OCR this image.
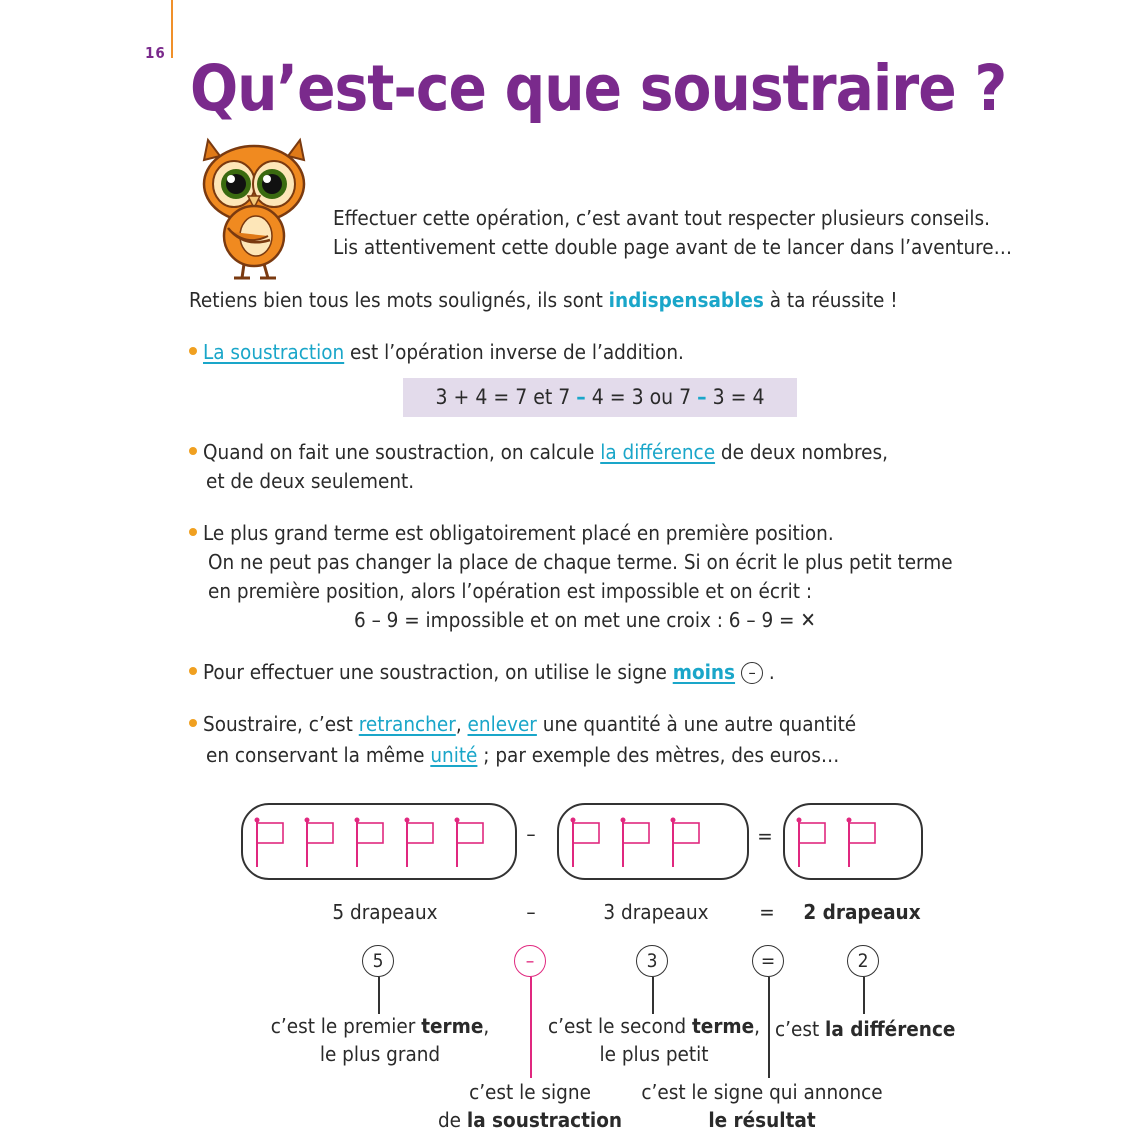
16 Qu’est-ce que soustraire ?
Effectuer cette opération, c’est avant tout respecter plusieurs conseils.
Lis attentivement cette double page avant de te lancer dans l’aventure…
Retiens bien tous les mots soulignés, ils sont indispensables à ta réussite !
La soustraction est l’opération inverse de l’addition.
3 + 4 = 7 et 7 – 4 = 3 ou 7 – 3 = 4
Quand on fait une soustraction, on calcule la différence de deux nombres,
et de deux seulement.
Le plus grand terme est obligatoirement placé en première position.
On ne peut pas changer la place de chaque terme. Si on écrit le plus petit terme
en première position, alors l’opération est impossible et on écrit :
6 – 9 = impossible et on met une croix : 6 – 9 = ✕
Pour effectuer une soustraction, on utilise le signe moins – .
Soustraire, c’est retrancher, enlever une quantité à une autre quantité
en conservant la même unité ; par exemple des mètres, des euros…
–	=
5 drapeaux	–	3 drapeaux	=	2 drapeaux
5	–	3	=	2
c’est le premier terme,
le plus grand
c’est le second terme,
le plus petit
c’est la différence
c’est le signe
de la soustraction
c’est le signe qui annonce
le résultat
